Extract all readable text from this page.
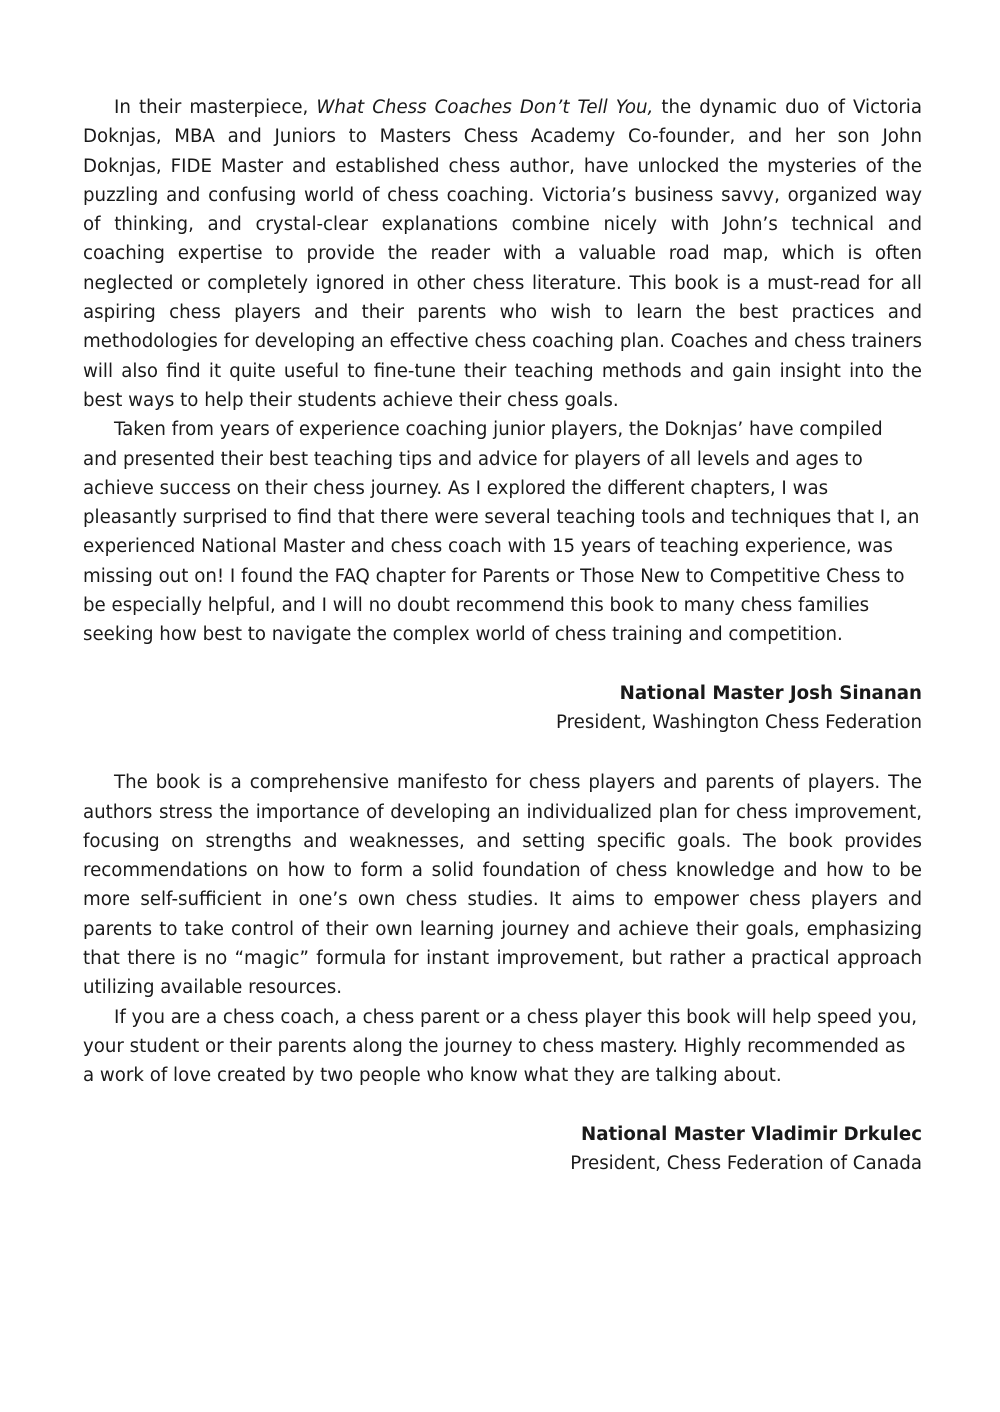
In their masterpiece, What Chess Coaches Don’t Tell You, the dynamic duo of Victoria Doknjas, MBA and Juniors to Masters Chess Academy Co-founder, and her son John Doknjas, FIDE Master and established chess author, have unlocked the mysteries of the puzzling and confusing world of chess coaching. Victoria’s business savvy, organized way of thinking, and crystal-clear explanations combine nicely with John’s technical and coaching expertise to provide the reader with a valuable road map, which is often neglected or completely ignored in other chess literature. This book is a must-read for all aspiring chess players and their parents who wish to learn the best practices and methodologies for developing an effective chess coaching plan. Coaches and chess trainers will also find it quite useful to fine-tune their teaching methods and gain insight into the best ways to help their students achieve their chess goals.

Taken from years of experience coaching junior players, the Doknjas’ have compiled and presented their best teaching tips and advice for players of all levels and ages to achieve success on their chess journey. As I explored the different chapters, I was pleasantly surprised to find that there were several teaching tools and techniques that I, an experienced National Master and chess coach with 15 years of teaching experience, was missing out on! I found the FAQ chapter for Parents or Those New to Competitive Chess to be especially helpful, and I will no doubt recommend this book to many chess families seeking how best to navigate the complex world of chess training and competition.

National Master Josh Sinanan
President, Washington Chess Federation

The book is a comprehensive manifesto for chess players and parents of players. The authors stress the importance of developing an individualized plan for chess improvement, focusing on strengths and weaknesses, and setting specific goals. The book provides recommendations on how to form a solid foundation of chess knowledge and how to be more self-sufficient in one’s own chess studies. It aims to empower chess players and parents to take control of their own learning journey and achieve their goals, emphasizing that there is no “magic” formula for instant improvement, but rather a practical approach utilizing available resources.

If you are a chess coach, a chess parent or a chess player this book will help speed you, your student or their parents along the journey to chess mastery. Highly recommended as a work of love created by two people who know what they are talking about.

National Master Vladimir Drkulec
President, Chess Federation of Canada
